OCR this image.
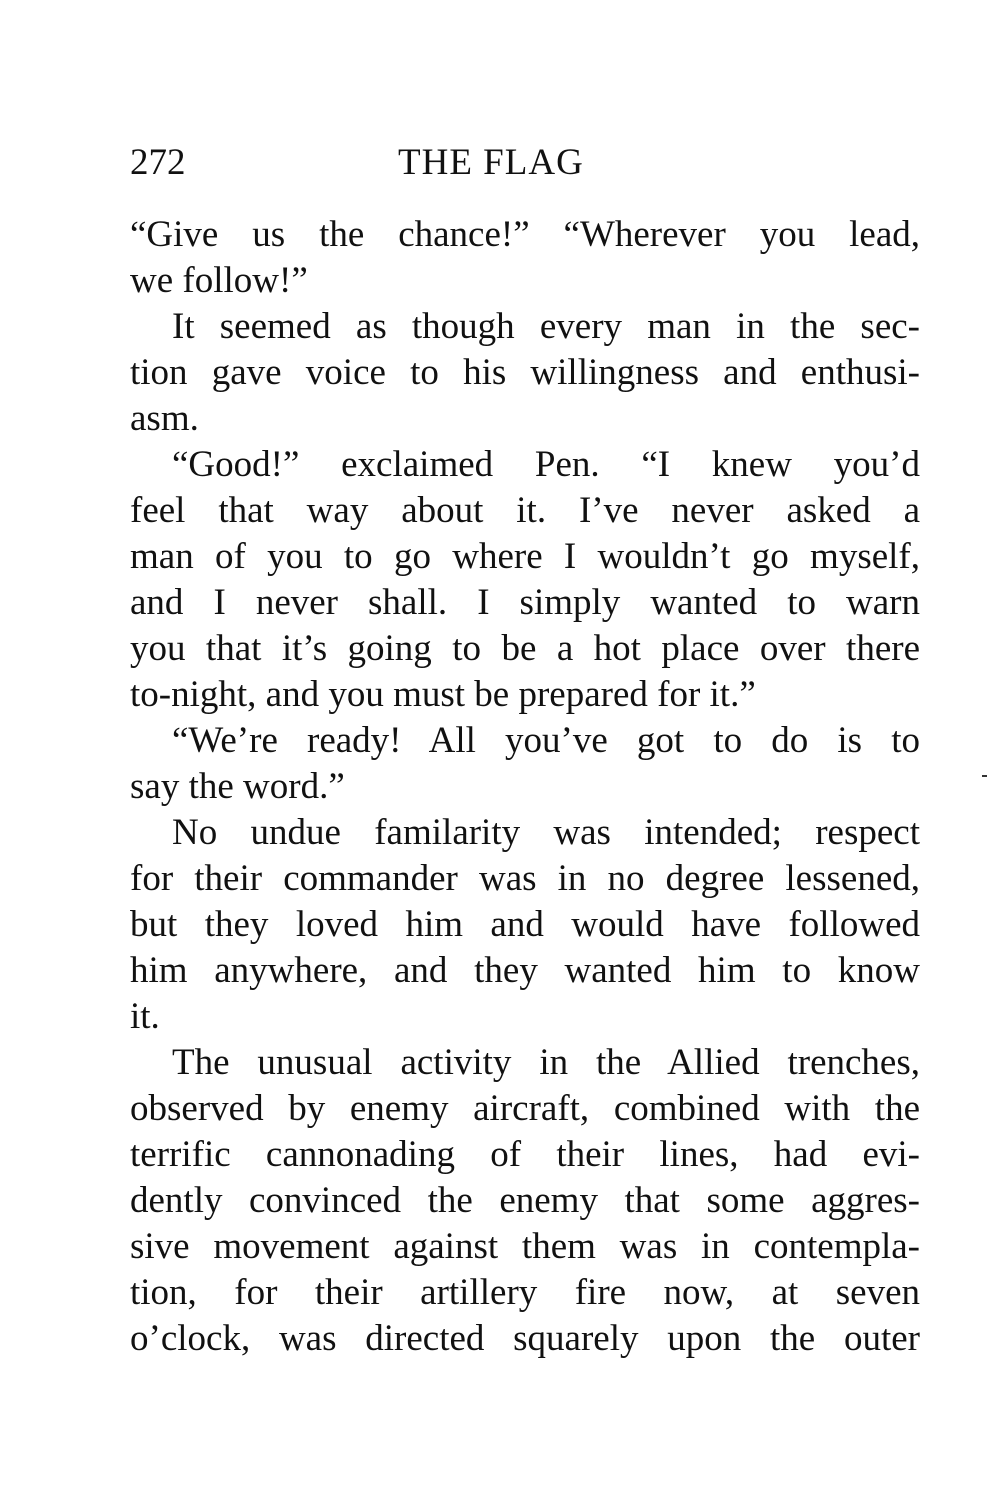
272	THE FLAG
“Give us the chance!” “Wherever you lead,
we follow!”
It seemed as though every man in the sec-
tion gave voice to his willingness and enthusi-
asm.
“Good!” exclaimed Pen. “I knew you’d
feel that way about it. I’ve never asked a
man of you to go where I wouldn’t go myself,
and I never shall. I simply wanted to warn
you that it’s going to be a hot place over there
to-night, and you must be prepared for it.”
“We’re ready! All you’ve got to do is to
say the word.”
No undue familarity was intended; respect
for their commander was in no degree lessened,
but they loved him and would have followed
him anywhere, and they wanted him to know
it.
The unusual activity in the Allied trenches,
observed by enemy aircraft, combined with the
terrific cannonading of their lines, had evi-
dently convinced the enemy that some aggres-
sive movement against them was in contempla-
tion, for their artillery fire now, at seven
o’clock, was directed squarely upon the outer
